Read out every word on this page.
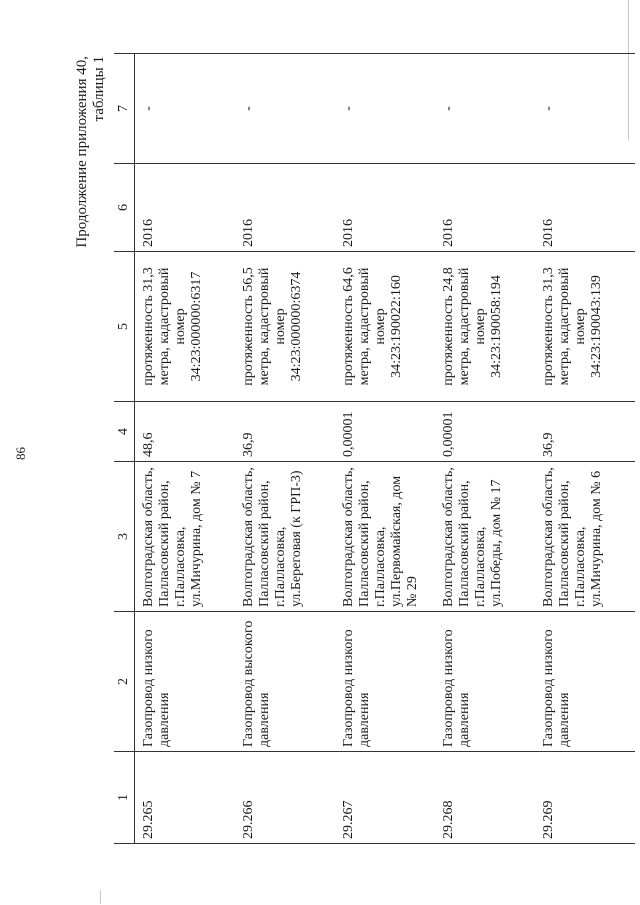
86
Продолжение приложения 40, таблицы 1
1	2	3	4	5	6	7
29.265	Газопровод низкого давления	Волгоградская область, Палласовский район, г.Палласовка, ул.Мичурина, дом № 7	48,6	протяженность 31,3 метра, кадастровый номер 34:23:000000:6317	2016	-
29.266	Газопровод высокого давления	Волгоградская область, Палласовский район, г.Палласовка, ул.Береговая (к ГРП-3)	36,9	протяженность 56,5 метра, кадастровый номер 34:23:000000:6374	2016	-
29.267	Газопровод низкого давления	Волгоградская область, Палласовский район, г.Палласовка, ул.Первомайская, дом № 29	0,00001	протяженность 64,6 метра, кадастровый номер 34:23:190022:160	2016	-
29.268	Газопровод низкого давления	Волгоградская область, Палласовский район, г.Палласовка, ул.Победы, дом № 17	0,00001	протяженность 24,8 метра, кадастровый номер 34:23:190058:194	2016	-
29.269	Газопровод низкого давления	Волгоградская область, Палласовский район, г.Палласовка, ул.Мичурина, дом № 6	36,9	протяженность 31,3 метра, кадастровый номер 34:23:190043:139	2016	-
